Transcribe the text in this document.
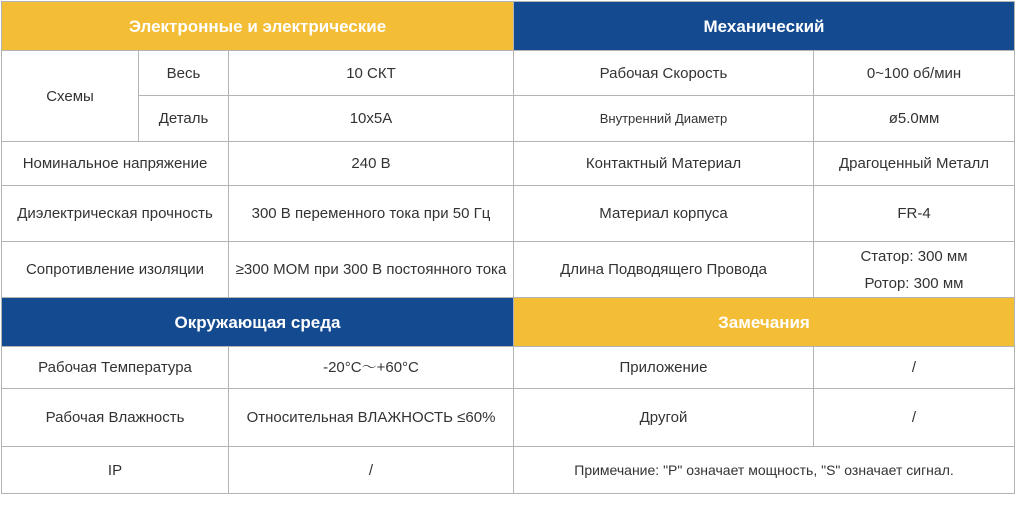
Электронные и электрические			Механический	
Схемы	Весь	10 СКТ	Рабочая Скорость	0~100 об/мин
	Деталь	10х5А	Внутренний Диаметр	ø5.0мм
Номинальное напряжение		240 В	Контактный Материал	Драгоценный Металл
Диэлектрическая прочность		300 В переменного тока при 50 Гц	Материал корпуса	FR-4
Сопротивление изоляции		≥300 МОМ при 300 В постоянного тока	Длина Подводящего Провода	Статор: 300 мм
Ротор: 300 мм

Окружающая среда			Замечания	
Рабочая Температура		-20°C～+60°C	Приложение	/
Рабочая Влажность		Относительная ВЛАЖНОСТЬ ≤60%	Другой	/
IP		/	Примечание: "P" означает мощность, "S" означает сигнал.	
